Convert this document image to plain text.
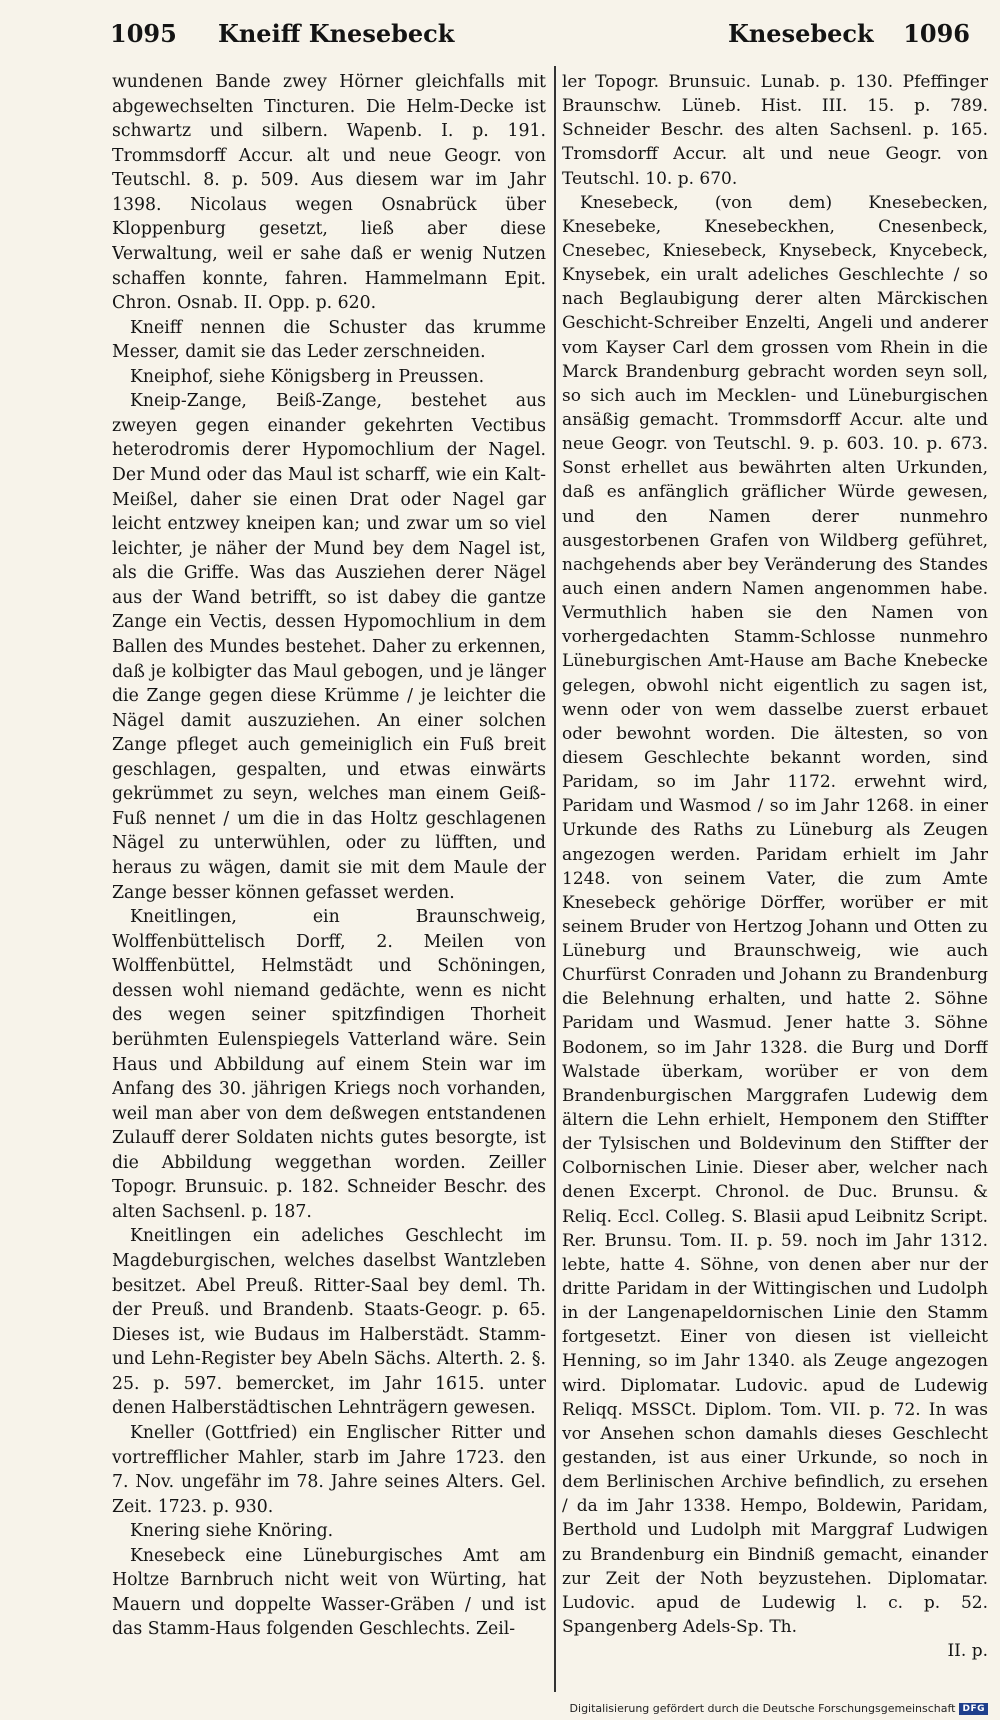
1095 Kneiff Knesebeck	Knesebeck 1096

wundenen Bande zwey Hörner gleichfalls mit abgewechselten Tincturen. Die Helm-Decke ist schwartz und silbern. Wapenb. I. p. 191. Trommsdorff Accur. alt und neue Geogr. von Teutschl. 8. p. 509. Aus diesem war im Jahr 1398. Nicolaus wegen Osnabrück über Kloppenburg gesetzt, ließ aber diese Verwaltung, weil er sahe daß er wenig Nutzen schaffen konnte, fahren. Hammelmann Epit. Chron. Osnab. II. Opp. p. 620.

Kneiff nennen die Schuster das krumme Messer, damit sie das Leder zerschneiden.

Kneiphof, siehe Königsberg in Preussen.

Kneip-Zange, Beiß-Zange, bestehet aus zweyen gegen einander gekehrten Vectibus heterodromis derer Hypomochlium der Nagel. Der Mund oder das Maul ist scharff, wie ein Kalt-Meißel, daher sie einen Drat oder Nagel gar leicht entzwey kneipen kan; und zwar um so viel leichter, je näher der Mund bey dem Nagel ist, als die Griffe. Was das Ausziehen derer Nägel aus der Wand betrifft, so ist dabey die gantze Zange ein Vectis, dessen Hypomochlium in dem Ballen des Mundes bestehet. Daher zu erkennen, daß je kolbigter das Maul gebogen, und je länger die Zange gegen diese Krümme / je leichter die Nägel damit auszuziehen. An einer solchen Zange pfleget auch gemeiniglich ein Fuß breit geschlagen, gespalten, und etwas einwärts gekrümmet zu seyn, welches man einem Geiß-Fuß nennet / um die in das Holtz geschlagenen Nägel zu unterwühlen, oder zu lüfften, und heraus zu wägen, damit sie mit dem Maule der Zange besser können gefasset werden.

Kneitlingen, ein Braunschweig, Wolffenbüttelisch Dorff, 2. Meilen von Wolffenbüttel, Helmstädt und Schöningen, dessen wohl niemand gedächte, wenn es nicht des wegen seiner spitzfindigen Thorheit berühmten Eulenspiegels Vatterland wäre. Sein Haus und Abbildung auf einem Stein war im Anfang des 30. jährigen Kriegs noch vorhanden, weil man aber von dem deßwegen entstandenen Zulauff derer Soldaten nichts gutes besorgte, ist die Abbildung weggethan worden. Zeiller Topogr. Brunsuic. p. 182. Schneider Beschr. des alten Sachsenl. p. 187.

Kneitlingen ein adeliches Geschlecht im Magdeburgischen, welches daselbst Wantzleben besitzet. Abel Preuß. Ritter-Saal bey deml. Th. der Preuß. und Brandenb. Staats-Geogr. p. 65. Dieses ist, wie Budaus im Halberstädt. Stamm- und Lehn-Register bey Abeln Sächs. Alterth. 2. §. 25. p. 597. bemercket, im Jahr 1615. unter denen Halberstädtischen Lehnträgern gewesen.

Kneller (Gottfried) ein Englischer Ritter und vortrefflicher Mahler, starb im Jahre 1723. den 7. Nov. ungefähr im 78. Jahre seines Alters. Gel. Zeit. 1723. p. 930.

Knering siehe Knöring.

Knesebeck eine Lüneburgisches Amt am Holtze Barnbruch nicht weit von Würting, hat Mauern und doppelte Wasser-Gräben / und ist das Stamm-Haus folgenden Geschlechts. Zeil-

ler Topogr. Brunsuic. Lunab. p. 130. Pfeffinger Braunschw. Lüneb. Hist. III. 15. p. 789. Schneider Beschr. des alten Sachsenl. p. 165. Tromsdorff Accur. alt und neue Geogr. von Teutschl. 10. p. 670.

Knesebeck, (von dem) Knesebecken, Knesebeke, Knesebeckhen, Cnesenbeck, Cnesebec, Kniesebeck, Knysebeck, Knycebeck, Knysebek, ein uralt adeliches Geschlechte / so nach Beglaubigung derer alten Märckischen Geschicht-Schreiber Enzelti, Angeli und anderer vom Kayser Carl dem grossen vom Rhein in die Marck Brandenburg gebracht worden seyn soll, so sich auch im Mecklen- und Lüneburgischen ansäßig gemacht. Trommsdorff Accur. alte und neue Geogr. von Teutschl. 9. p. 603. 10. p. 673. Sonst erhellet aus bewährten alten Urkunden, daß es anfänglich gräflicher Würde gewesen, und den Namen derer nunmehro ausgestorbenen Grafen von Wildberg geführet, nachgehends aber bey Veränderung des Standes auch einen andern Namen angenommen habe. Vermuthlich haben sie den Namen von vorhergedachten Stamm-Schlosse nunmehro Lüneburgischen Amt-Hause am Bache Knebecke gelegen, obwohl nicht eigentlich zu sagen ist, wenn oder von wem dasselbe zuerst erbauet oder bewohnt worden. Die ältesten, so von diesem Geschlechte bekannt worden, sind Paridam, so im Jahr 1172. erwehnt wird, Paridam und Wasmod / so im Jahr 1268. in einer Urkunde des Raths zu Lüneburg als Zeugen angezogen werden. Paridam erhielt im Jahr 1248. von seinem Vater, die zum Amte Knesebeck gehörige Dörffer, worüber er mit seinem Bruder von Hertzog Johann und Otten zu Lüneburg und Braunschweig, wie auch Churfürst Conraden und Johann zu Brandenburg die Belehnung erhalten, und hatte 2. Söhne Paridam und Wasmud. Jener hatte 3. Söhne Bodonem, so im Jahr 1328. die Burg und Dorff Walstade überkam, worüber er von dem Brandenburgischen Marggrafen Ludewig dem ältern die Lehn erhielt, Hemponem den Stiffter der Tylsischen und Boldevinum den Stiffter der Colbornischen Linie. Dieser aber, welcher nach denen Excerpt. Chronol. de Duc. Brunsu. & Reliq. Eccl. Colleg. S. Blasii apud Leibnitz Script. Rer. Brunsu. Tom. II. p. 59. noch im Jahr 1312. lebte, hatte 4. Söhne, von denen aber nur der dritte Paridam in der Wittingischen und Ludolph in der Langenapeldornischen Linie den Stamm fortgesetzt. Einer von diesen ist vielleicht Henning, so im Jahr 1340. als Zeuge angezogen wird. Diplomatar. Ludovic. apud de Ludewig Reliqq. MSSCt. Diplom. Tom. VII. p. 72. In was vor Ansehen schon damahls dieses Geschlecht gestanden, ist aus einer Urkunde, so noch in dem Berlinischen Archive befindlich, zu ersehen / da im Jahr 1338. Hempo, Boldewin, Paridam, Berthold und Ludolph mit Marggraf Ludwigen zu Brandenburg ein Bindniß gemacht, einander zur Zeit der Noth beyzustehen. Diplomatar. Ludovic. apud de Ludewig l. c. p. 52. Spangenberg Adels-Sp. Th.

II. p.

Digitalisierung gefördert durch die Deutsche Forschungsgemeinschaft DFG
